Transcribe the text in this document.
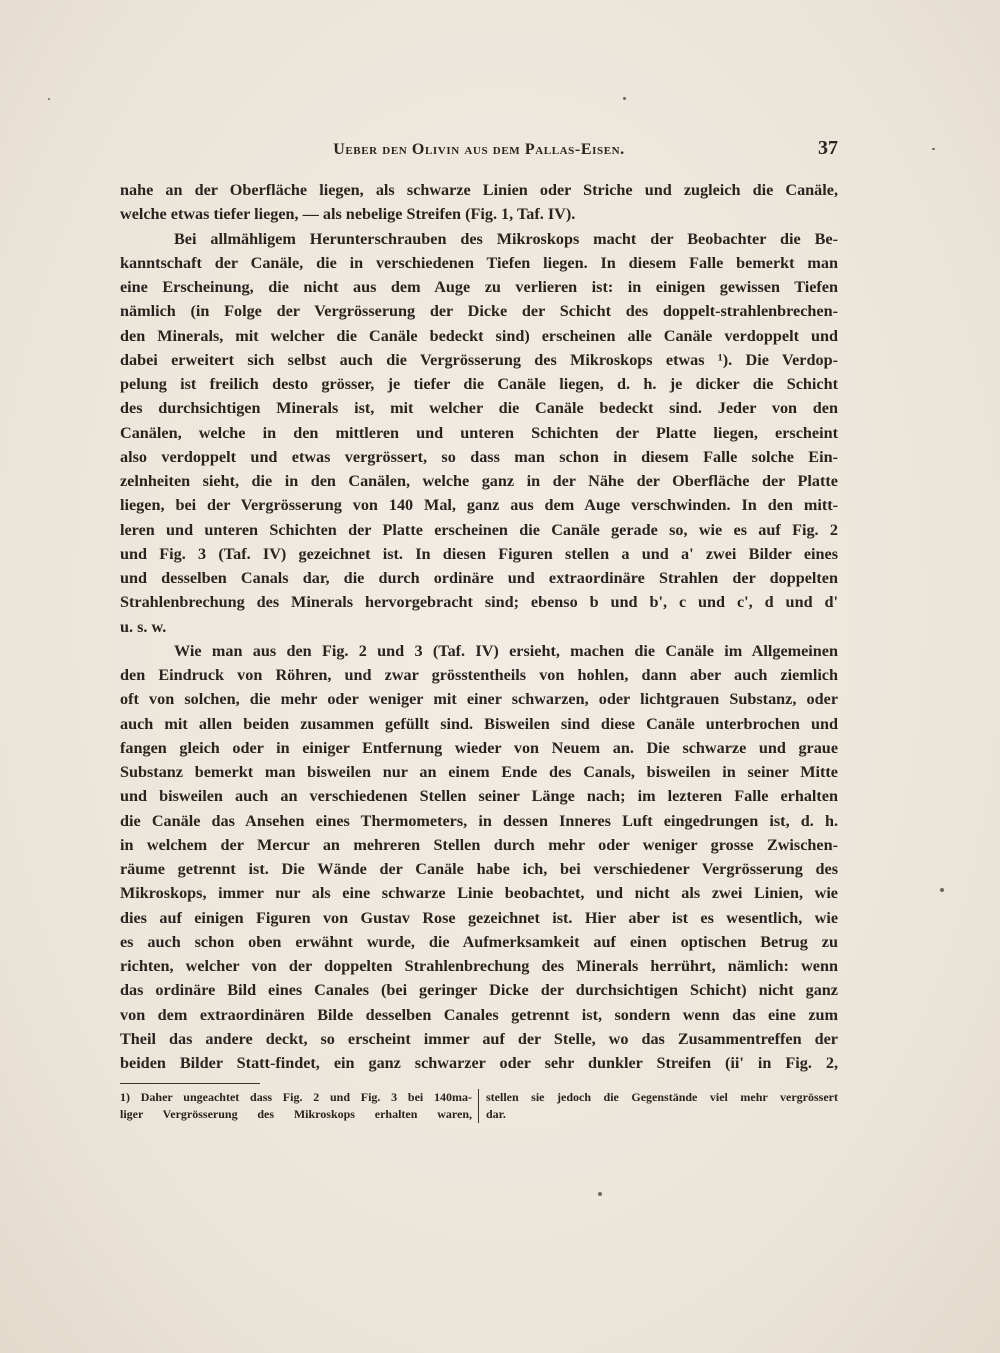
Ueber den Olivin aus dem Pallas-Eisen.	37
nahe an der Oberfläche liegen, als schwarze Linien oder Striche und zugleich die Canäle,
welche etwas tiefer liegen, — als nebelige Streifen (Fig. 1, Taf. IV).
Bei allmähligem Herunterschrauben des Mikroskops macht der Beobachter die Be-
kanntschaft der Canäle, die in verschiedenen Tiefen liegen. In diesem Falle bemerkt man
eine Erscheinung, die nicht aus dem Auge zu verlieren ist: in einigen gewissen Tiefen
nämlich (in Folge der Vergrösserung der Dicke der Schicht des doppelt-strahlenbrechen-
den Minerals, mit welcher die Canäle bedeckt sind) erscheinen alle Canäle verdoppelt und
dabei erweitert sich selbst auch die Vergrösserung des Mikroskops etwas ¹). Die Verdop-
pelung ist freilich desto grösser, je tiefer die Canäle liegen, d. h. je dicker die Schicht
des durchsichtigen Minerals ist, mit welcher die Canäle bedeckt sind. Jeder von den
Canälen, welche in den mittleren und unteren Schichten der Platte liegen, erscheint
also verdoppelt und etwas vergrössert, so dass man schon in diesem Falle solche Ein-
zelnheiten sieht, die in den Canälen, welche ganz in der Nähe der Oberfläche der Platte
liegen, bei der Vergrösserung von 140 Mal, ganz aus dem Auge verschwinden. In den mitt-
leren und unteren Schichten der Platte erscheinen die Canäle gerade so, wie es auf Fig. 2
und Fig. 3 (Taf. IV) gezeichnet ist. In diesen Figuren stellen a und a' zwei Bilder eines
und desselben Canals dar, die durch ordinäre und extraordinäre Strahlen der doppelten
Strahlenbrechung des Minerals hervorgebracht sind; ebenso b und b', c und c', d und d'
u. s. w.
Wie man aus den Fig. 2 und 3 (Taf. IV) ersieht, machen die Canäle im Allgemeinen
den Eindruck von Röhren, und zwar grösstentheils von hohlen, dann aber auch ziemlich
oft von solchen, die mehr oder weniger mit einer schwarzen, oder lichtgrauen Substanz, oder
auch mit allen beiden zusammen gefüllt sind. Bisweilen sind diese Canäle unterbrochen und
fangen gleich oder in einiger Entfernung wieder von Neuem an. Die schwarze und graue
Substanz bemerkt man bisweilen nur an einem Ende des Canals, bisweilen in seiner Mitte
und bisweilen auch an verschiedenen Stellen seiner Länge nach; im lezteren Falle erhalten
die Canäle das Ansehen eines Thermometers, in dessen Inneres Luft eingedrungen ist, d. h.
in welchem der Mercur an mehreren Stellen durch mehr oder weniger grosse Zwischen-
räume getrennt ist. Die Wände der Canäle habe ich, bei verschiedener Vergrösserung des
Mikroskops, immer nur als eine schwarze Linie beobachtet, und nicht als zwei Linien, wie
dies auf einigen Figuren von Gustav Rose gezeichnet ist. Hier aber ist es wesentlich, wie
es auch schon oben erwähnt wurde, die Aufmerksamkeit auf einen optischen Betrug zu
richten, welcher von der doppelten Strahlenbrechung des Minerals herrührt, nämlich: wenn
das ordinäre Bild eines Canales (bei geringer Dicke der durchsichtigen Schicht) nicht ganz
von dem extraordinären Bilde desselben Canales getrennt ist, sondern wenn das eine zum
Theil das andere deckt, so erscheint immer auf der Stelle, wo das Zusammentreffen der
beiden Bilder Statt-findet, ein ganz schwarzer oder sehr dunkler Streifen (ii' in Fig. 2,
1) Daher ungeachtet dass Fig. 2 und Fig. 3 bei 140ma-
liger Vergrösserung des Mikroskops erhalten waren,
stellen sie jedoch die Gegenstände viel mehr vergrössert
dar.
